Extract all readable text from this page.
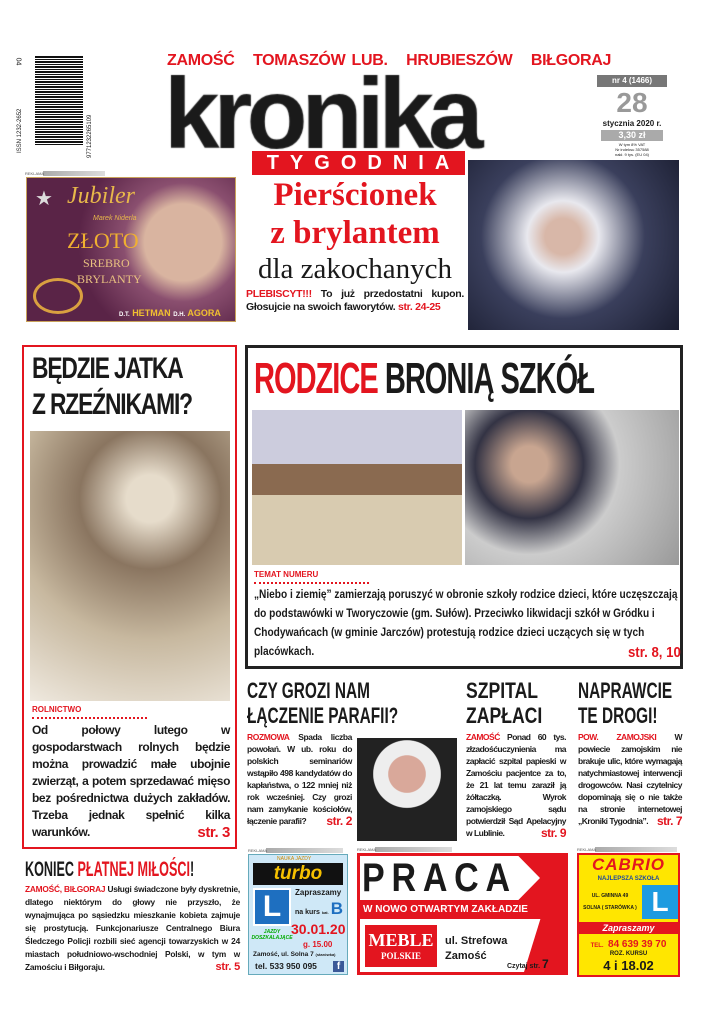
04
ISSN 1232-2652	9771232265109
ZAMOŚĆ TOMASZÓW LUB. HRUBIESZÓW BIŁGORAJ
nr 4 (1466)
28
stycznia 2020 r.
3,30 zł
W tym 8% VAT
Nr indeksu 357588
nakł. 9 tys. (EU 04)
TYGODNIA
REKLAMA
★ Jubiler
Marek Niderla
ZŁOTO
SREBRO
BRYLANTY
D.T. HETMAN D.H. AGORA
Pierścionek
z brylantem
dla zakochanych
PLEBISCYT!!! To już przedostatni kupon. Głosujcie na swoich faworytów. str. 24-25
BĘDZIE JATKA
Z RZEŹNIKAMI?
ROLNICTWO
Od połowy lutego w gospodarstwach rolnych będzie można prowadzić małe ubojnie zwierząt, a potem sprzedawać mięso bez pośrednictwa dużych zakładów. Trzeba jednak spełnić kilka warunków.	str. 3
RODZICE BRONIĄ SZKÓŁ
TEMAT NUMERU
„Niebo i ziemię” zamierzają poruszyć w obronie szkoły rodzice dzieci, które uczęszczają do podstawówki w Tworyczowie (gm. Sułów). Przeciwko likwidacji szkół w Gródku i Chodywańcach (w gminie Jarczów) protestują rodzice dzieci uczących się w tych placówkach.	str. 8, 10
CZY GROZI NAM
ŁĄCZENIE PARAFII?
ROZMOWA Spada liczba powołań. W ub. roku do polskich seminariów wstąpiło 498 kandydatów do kapłaństwa, o 122 mniej niż rok wcześniej. Czy grozi nam zamykanie kościołów, łączenie parafii? str. 2
SZPITAL
ZAPŁACI
ZAMOŚĆ Ponad 60 tys. złzadośćuczynienia ma zapłacić szpital papieski w Zamościu pacjentce za to, że 21 lat temu zaraził ją żółtaczką. Wyrok zamojskiego sądu potwierdził Sąd Apelacyjny w Lublinie.	str. 9
NAPRAWCIE
TE DROGI!
POW. ZAMOJSKI W powiecie zamojskim nie brakuje ulic, które wymagają natychmiastowej interwencji drogowców. Nasi czytelnicy dopominają się o nie także na stronie internetowej „Kroniki Tygodnia”. str. 7
KONIEC PŁATNEJ MIŁOŚCI!
ZAMOŚĆ, BIŁGORAJ Usługi świadczone były dyskretnie, dlatego niektórym do głowy nie przyszło, że wynajmująca po sąsiedzku mieszkanie kobieta zajmuje się prostytucją. Funkcjonariusze Centralnego Biura Śledczego Policji rozbili sieć agencji towarzyskich w 24 miastach południowo-wschodniej Polski, w tym w Zamościu i Biłgoraju.	str. 5
REKLAMA
NAUKA JAZDY
turbo
L	Zapraszamy
na kurs kat. B
30.01.20
JAZDY DOSZKALAJĄCE
g. 15.00
Zamość, ul. Solna 7 (starówka)
tel. 533 950 095	f
REKLAMA
PRACA
W NOWO OTWARTYM ZAKŁADZIE
MEBLE
POLSKIE
ul. Strefowa
Zamość
Czytaj str. 7
REKLAMA
CABRIO
NAJLEPSZA SZKOŁA
UL. GMINNA 49
SOLNA ( STARÓWKA ) L
Zapraszamy
TEL. 84 639 39 70
ROZ. KURSU
4 i 18.02
